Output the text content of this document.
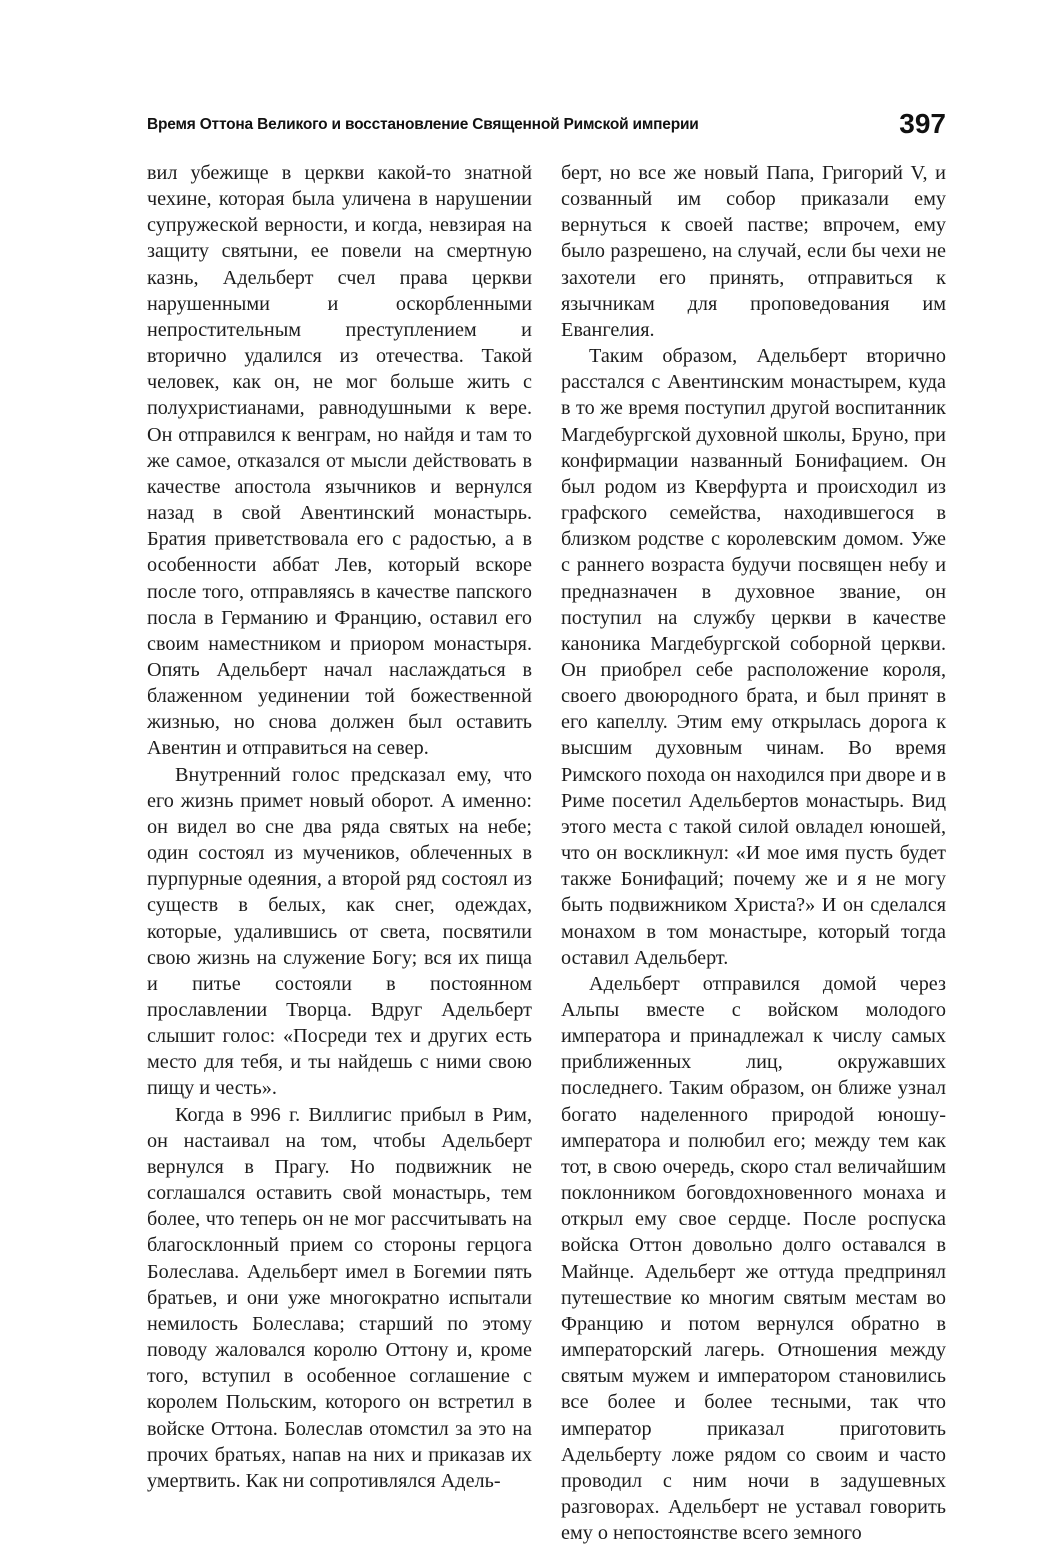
Время Оттона Великого и восстановление Священной Римской империи	397

вил убежище в церкви какой-то знатной чехине, которая была уличена в нарушении супружеской верности, и когда, невзирая на защиту святыни, ее повели на смертную казнь, Адельберт счел права церкви нарушенными и оскорбленными непростительным преступлением и вторично удалился из отечества. Такой человек, как он, не мог больше жить с полухристианами, равнодушными к вере. Он отправился к венграм, но найдя и там то же самое, отказался от мысли действовать в качестве апостола язычников и вернулся назад в свой Авентинский монастырь. Братия приветствовала его с радостью, а в особенности аббат Лев, который вскоре после того, отправляясь в качестве папского посла в Германию и Францию, оставил его своим наместником и приором монастыря. Опять Адельберт начал наслаждаться в блаженном уединении той божественной жизнью, но снова должен был оставить Авентин и отправиться на север.

Внутренний голос предсказал ему, что его жизнь примет новый оборот. А именно: он видел во сне два ряда святых на небе; один состоял из мучеников, облеченных в пурпурные одеяния, а второй ряд состоял из существ в белых, как снег, одеждах, которые, удалившись от света, посвятили свою жизнь на служение Богу; вся их пища и питье состояли в постоянном прославлении Творца. Вдруг Адельберт слышит голос: «Посреди тех и других есть место для тебя, и ты найдешь с ними свою пищу и честь».

Когда в 996 г. Виллигис прибыл в Рим, он настаивал на том, чтобы Адельберт вернулся в Прагу. Но подвижник не соглашался оставить свой монастырь, тем более, что теперь он не мог рассчитывать на благосклонный прием со стороны герцога Болеслава. Адельберт имел в Богемии пять братьев, и они уже многократно испытали немилость Болеслава; старший по этому поводу жаловался королю Оттону и, кроме того, вступил в особенное соглашение с королем Польским, которого он встретил в войске Оттона. Болеслав отомстил за это на прочих братьях, напав на них и приказав их умертвить. Как ни сопротивлялся Адель-

берт, но все же новый Папа, Григорий V, и созванный им собор приказали ему вернуться к своей пастве; впрочем, ему было разрешено, на случай, если бы чехи не захотели его принять, отправиться к язычникам для проповедования им Евангелия.

Таким образом, Адельберт вторично расстался с Авентинским монастырем, куда в то же время поступил другой воспитанник Магдебургской духовной школы, Бруно, при конфирмации названный Бонифацием. Он был родом из Кверфурта и происходил из графского семейства, находившегося в близком родстве с королевским домом. Уже с раннего возраста будучи посвящен небу и предназначен в духовное звание, он поступил на службу церкви в качестве каноника Магдебургской соборной церкви. Он приобрел себе расположение короля, своего двоюродного брата, и был принят в его капеллу. Этим ему открылась дорога к высшим духовным чинам. Во время Римского похода он находился при дворе и в Риме посетил Адельбертов монастырь. Вид этого места с такой силой овладел юношей, что он воскликнул: «И мое имя пусть будет также Бонифаций; почему же и я не могу быть подвижником Христа?» И он сделался монахом в том монастыре, который тогда оставил Адельберт.

Адельберт отправился домой через Альпы вместе с войском молодого императора и принадлежал к числу самых приближенных лиц, окружавших последнего. Таким образом, он ближе узнал богато наделенного природой юношу-императора и полюбил его; между тем как тот, в свою очередь, скоро стал величайшим поклонником боговдохновенного монаха и открыл ему свое сердце. После роспуска войска Оттон довольно долго оставался в Майнце. Адельберт же оттуда предпринял путешествие ко многим святым местам во Францию и потом вернулся обратно в императорский лагерь. Отношения между святым мужем и императором становились все более и более тесными, так что император приказал приготовить Адельберту ложе рядом со своим и часто проводил с ним ночи в задушевных разговорах. Адельберт не уставал говорить ему о непостоянстве всего земного
